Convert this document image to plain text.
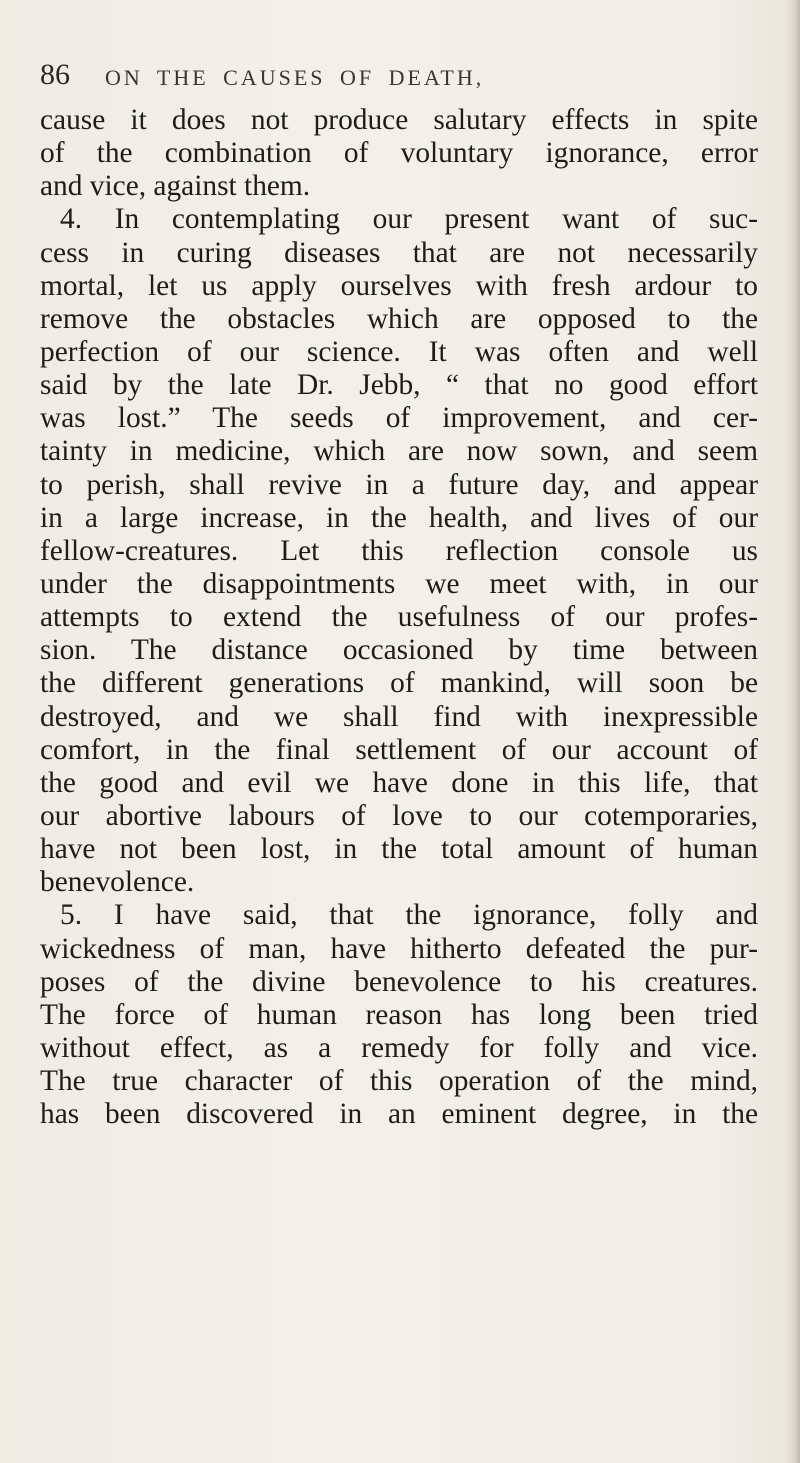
86 ON THE CAUSES OF DEATH,
cause it does not produce salutary effects in spite
of the combination of voluntary ignorance, error
and vice, against them.
4. In contemplating our present want of suc-
cess in curing diseases that are not necessarily
mortal, let us apply ourselves with fresh ardour to
remove the obstacles which are opposed to the
perfection of our science. It was often and well
said by the late Dr. Jebb, “ that no good effort
was lost.” The seeds of improvement, and cer-
tainty in medicine, which are now sown, and seem
to perish, shall revive in a future day, and appear
in a large increase, in the health, and lives of our
fellow-creatures. Let this reflection console us
under the disappointments we meet with, in our
attempts to extend the usefulness of our profes-
sion. The distance occasioned by time between
the different generations of mankind, will soon be
destroyed, and we shall find with inexpressible
comfort, in the final settlement of our account of
the good and evil we have done in this life, that
our abortive labours of love to our cotemporaries,
have not been lost, in the total amount of human
benevolence.
5. I have said, that the ignorance, folly and
wickedness of man, have hitherto defeated the pur-
poses of the divine benevolence to his creatures.
The force of human reason has long been tried
without effect, as a remedy for folly and vice.
The true character of this operation of the mind,
has been discovered in an eminent degree, in the
